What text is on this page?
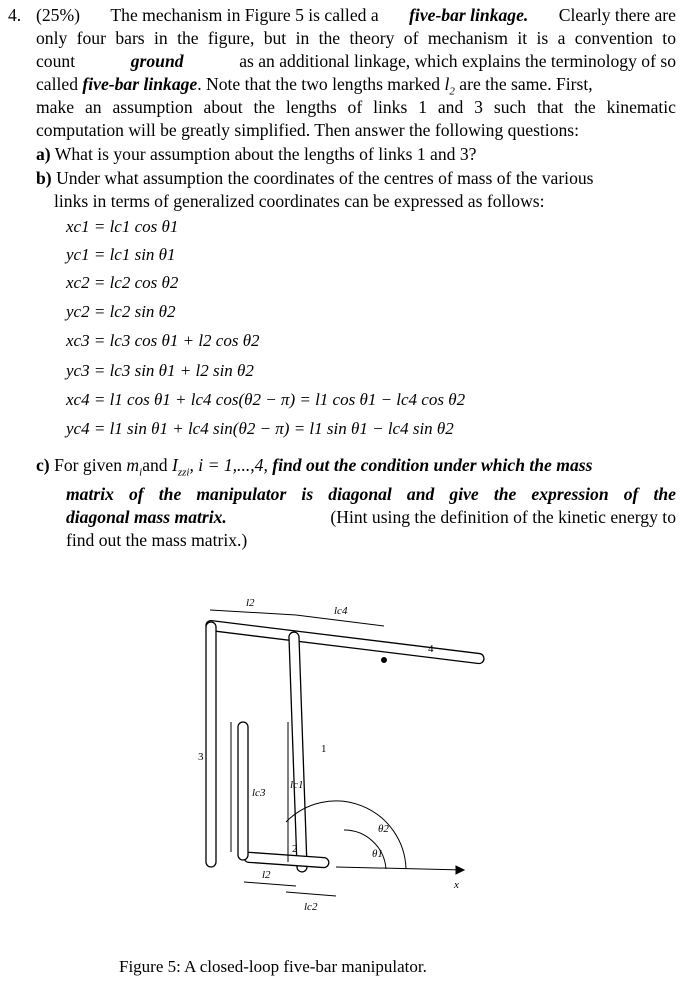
4. (25%) The mechanism in Figure 5 is called a five-bar linkage. Clearly there are
only four bars in the figure, but in the theory of mechanism it is a convention to
count	ground	as an additional linkage, which explains the terminology of so
called five-bar linkage. Note that the two lengths marked $l_2$ are the same. First,
make an assumption about the lengths of links 1 and 3 such that the kinematic
computation will be greatly simplified. Then answer the following questions:
a) What is your assumption about the lengths of links 1 and 3?
b) Under what assumption the coordinates of the centres of mass of the various
links in terms of generalized coordinates can be expressed as follows:
xc1 = lc1 cos θ1
yc1 = lc1 sin θ1
xc2 = lc2 cos θ2
yc2 = lc2 sin θ2
xc3 = lc3 cos θ1 + l2 cos θ2
yc3 = lc3 sin θ1 + l2 sin θ2
xc4 = l1 cos θ1 + lc4 cos(θ2 − π) = l1 cos θ1 − lc4 cos θ2
yc4 = l1 sin θ1 + lc4 sin(θ2 − π) = l1 sin θ1 − lc4 sin θ2
c) For given $m_iand$ $I_{zzi}$, i = 1,...,4, find out the condition under which the mass
matrix of the manipulator is diagonal and give the expression of the
diagonal mass matrix.	(Hint using the definition of the kinetic energy to
find out the mass matrix.)
l2
lc4
4
3
1
lc3
lc1
2
θ2
θ1
l2
lc2
x
Figure 5: A closed-loop five-bar manipulator.
